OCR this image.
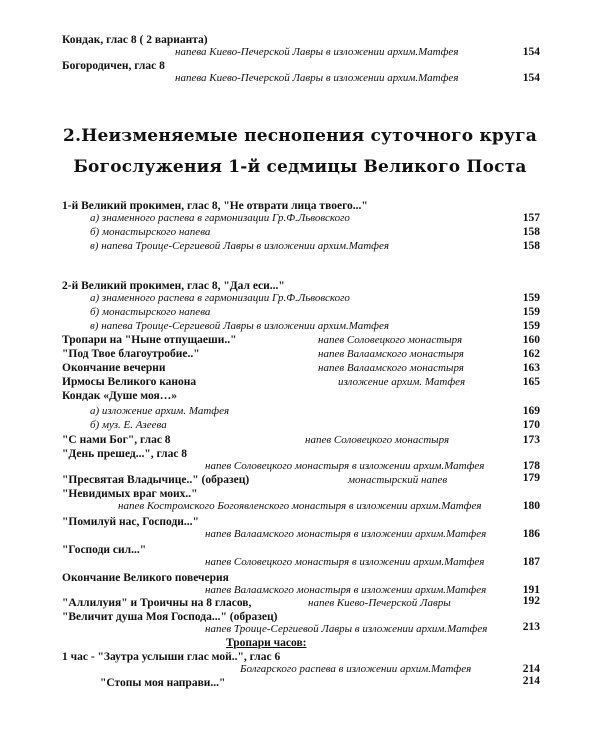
Кондак, глас 8 ( 2 варианта)
напева Киево-Печерской Лавры в изложении архим.Матфея	154
Богородичен, глас 8
напева Киево-Печерской Лавры в изложении архим.Матфея	154
2.Неизменяемые песнопения суточного круга
Богослужения 1-й седмицы Великого Поста
1-й Великий прокимен, глас 8, "Не отврати лица твоего..."
а) знаменного распева в гармонизации Гр.Ф.Львовского	157
б) монастырского напева	158
в) напева Троице-Сергиевой Лавры в изложении архим.Матфея	158
2-й Великий прокимен, глас 8, "Дал еси..."
а) знаменного распева в гармонизации Гр.Ф.Львовского	159
б) монастырского напева	159
в) напева Троице-Сергиевой Лавры в изложении архим.Матфея	159
Тропари на "Ныне отпущаеши.."	напев Соловецкого монастыря	160
"Под Твое благоутробие.."	напев Валаамского монастыря	162
Окончание вечерни	напев Валаамского монастыря	163
Ирмосы Великого канона	изложение архим. Матфея	165
Кондак «Душе моя…»
а) изложение архим. Матфея	169
б) муз. Е. Азеева	170
"С нами Бог", глас 8	напев Соловецкого монастыря	173
"День прешед...", глас 8
напев Соловецкого монастыря в изложении архим.Матфея	178
"Пресвятая Владычице.." (образец)	монастырский напев	179
"Невидимых враг моих.."
напев Костромского Богоявленского монастыря в изложении архим.Матфея	180
"Помилуй нас, Господи..."
напев Валаамского монастыря в изложении архим.Матфея	186
"Господи сил..."
напев Соловецкого монастыря в изложении архим.Матфея	187
Окончание Великого повечерия
напев Валаамского монастыря в изложении архим.Матфея	191
"Аллилуия" и Троичны на 8 гласов,	напев Киево-Печерской Лавры	192
"Величит душа Моя Господа..." (образец)
напев Троице-Сергиевой Лавры в изложении архим.Матфея	213
Тропари часов:
1 час - "Заутра услыши глас мой..", глас 6
Болгарского распева в изложении архим.Матфея	214
"Стопы моя направи..."	214
